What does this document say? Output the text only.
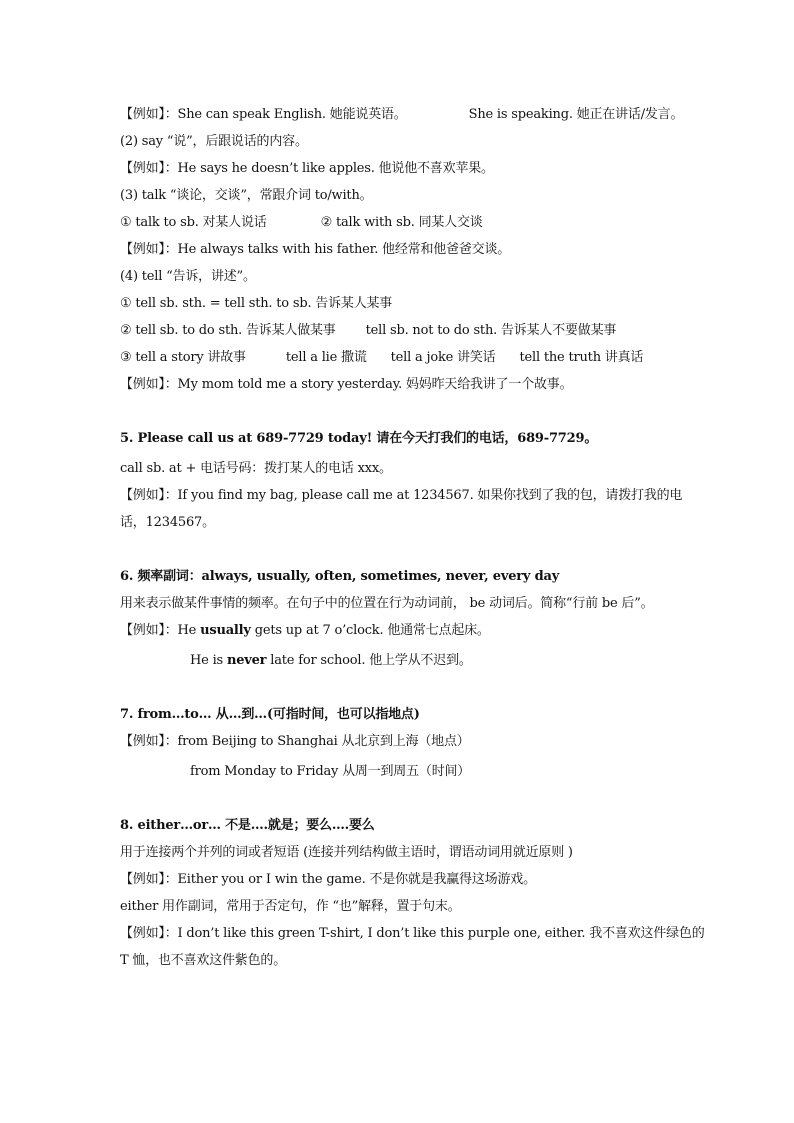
【例如】：She can speak English. 她能说英语。	She is speaking. 她正在讲话/发言。
(2) say “说”，后跟说话的内容。
【例如】：He says he doesn’t like apples. 他说他不喜欢苹果。
(3) talk “谈论，交谈”，常跟介词 to/with。
① talk to sb. 对某人说话	② talk with sb. 同某人交谈
【例如】：He always talks with his father. 他经常和他爸爸交谈。
(4) tell “告诉，讲述”。
① tell sb. sth. = tell sth. to sb. 告诉某人某事
② tell sb. to do sth. 告诉某人做某事 tell sb. not to do sth. 告诉某人不要做某事
③ tell a story 讲故事	tell a lie 撒谎 tell a joke 讲笑话 tell the truth 讲真话
【例如】：My mom told me a story yesterday. 妈妈昨天给我讲了一个故事。
5. Please call us at 689-7729 today! 请在今天打我们的电话，689-7729。
call sb. at + 电话号码：拨打某人的电话 xxx。
【例如】：If you find my bag, please call me at 1234567. 如果你找到了我的包，请拨打我的电
话，1234567。
6. 频率副词：always, usually, often, sometimes, never, every day
用来表示做某件事情的频率。在句子中的位置在行为动词前， be 动词后。简称“行前 be 后”。
【例如】：He usually gets up at 7 o’clock. 他通常七点起床。
He is never late for school. 他上学从不迟到。
7. from…to… 从…到…(可指时间，也可以指地点)
【例如】：from Beijing to Shanghai 从北京到上海（地点）
from Monday to Friday 从周一到周五（时间）
8. either…or… 不是….就是；要么….要么
用于连接两个并列的词或者短语 (连接并列结构做主语时，谓语动词用就近原则 )
【例如】：Either you or I win the game. 不是你就是我赢得这场游戏。
either 用作副词，常用于否定句，作 “也”解释，置于句末。
【例如】：I don’t like this green T-shirt, I don’t like this purple one, either. 我不喜欢这件绿色的
T 恤，也不喜欢这件紫色的。
